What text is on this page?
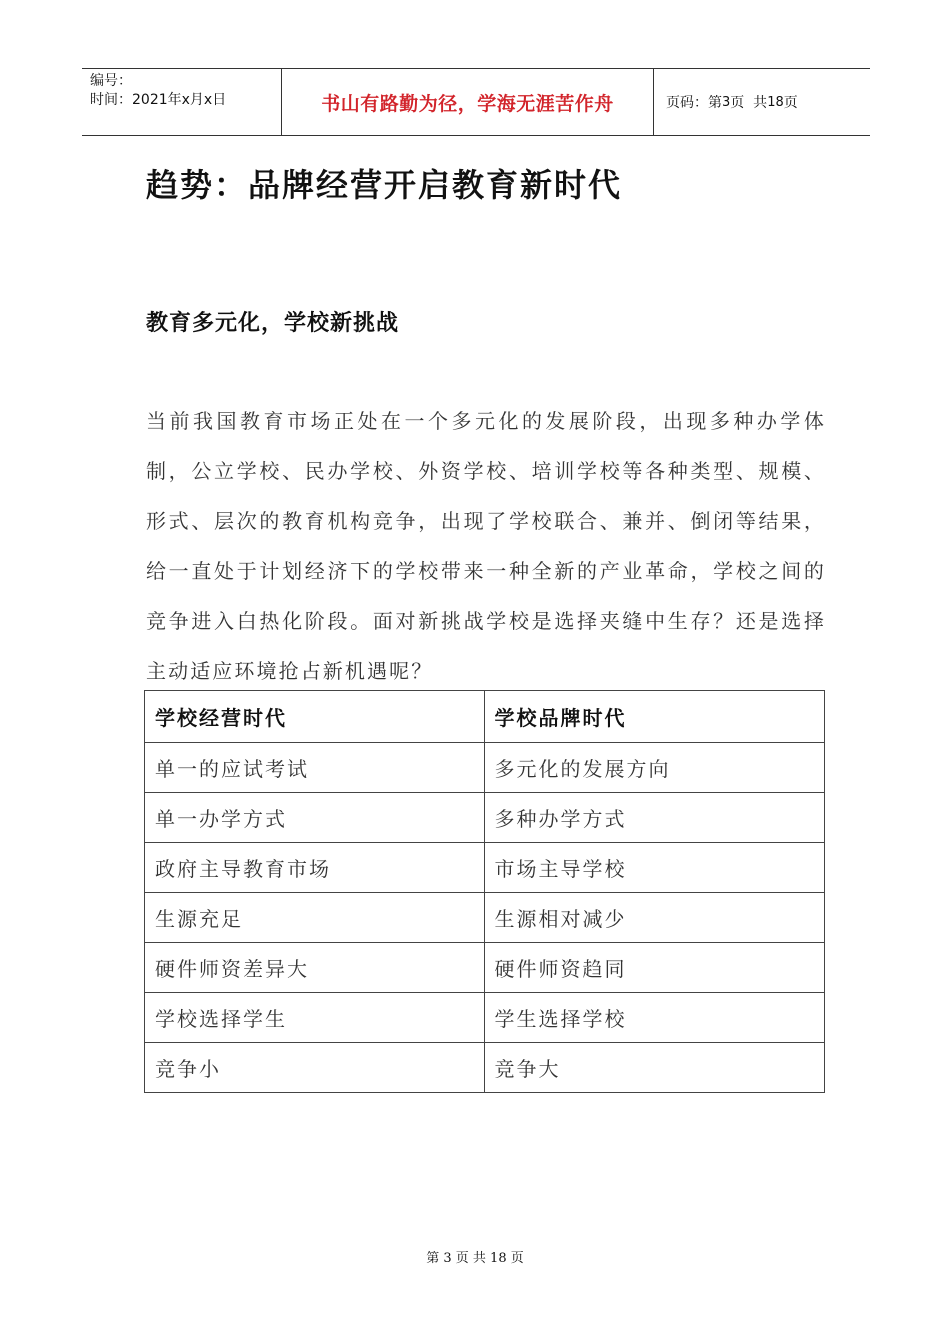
编号：
时间：2021年x月x日	书山有路勤为径，学海无涯苦作舟	页码：第 3 页  共 18 页
趋势：品牌经营开启教育新时代
教育多元化，学校新挑战

当前我国教育市场正处在一个多元化的发展阶段，出现多种办学体制，公立学校、民办学校、外资学校、培训学校等各种类型、规模、形式、层次的教育机构竞争，出现了学校联合、兼并、倒闭等结果，给一直处于计划经济下的学校带来一种全新的产业革命，学校之间的竞争进入白热化阶段。面对新挑战学校是选择夹缝中生存？还是选择主动适应环境抢占新机遇呢？

学校经营时代	学校品牌时代
单一的应试考试	多元化的发展方向
单一办学方式	多种办学方式
政府主导教育市场	市场主导学校
生源充足	生源相对减少
硬件师资差异大	硬件师资趋同
学校选择学生	学生选择学校
竞争小	竞争大
第 3 页 共 18 页
